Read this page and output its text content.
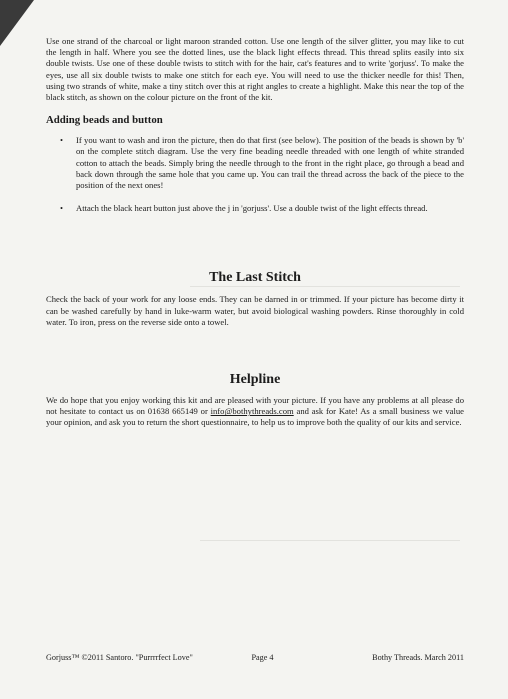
Use one strand of the charcoal or light maroon stranded cotton. Use one length of the silver glitter, you may like to cut the length in half. Where you see the dotted lines, use the black light effects thread. This thread splits easily into six double twists. Use one of these double twists to stitch with for the hair, cat's features and to write 'gorjuss'. To make the eyes, use all six double twists to make one stitch for each eye. You will need to use the thicker needle for this! Then, using two strands of white, make a tiny stitch over this at right angles to create a highlight. Make this near the top of the black stitch, as shown on the colour picture on the front of the kit.

Adding beads and button
• If you want to wash and iron the picture, then do that first (see below). The position of the beads is shown by 'b' on the complete stitch diagram. Use the very fine beading needle threaded with one length of white stranded cotton to attach the beads. Simply bring the needle through to the front in the right place, go through a bead and back down through the same hole that you came up. You can trail the thread across the back of the piece to the position of the next ones!
• Attach the black heart button just above the j in 'gorjuss'. Use a double twist of the light effects thread.
The Last Stitch

Check the back of your work for any loose ends. They can be darned in or trimmed. If your picture has become dirty it can be washed carefully by hand in luke-warm water, but avoid biological washing powders. Rinse thoroughly in cold water. To iron, press on the reverse side onto a towel.

Helpline

We do hope that you enjoy working this kit and are pleased with your picture. If you have any problems at all please do not hesitate to contact us on 01638 665149 or info@bothythreads.com and ask for Kate! As a small business we value your opinion, and ask you to return the short questionnaire, to help us to improve both the quality of our kits and service.

Gorjuss™ ©2011 Santoro. "Purrrrfect Love"	Page 4	Bothy Threads. March 2011
